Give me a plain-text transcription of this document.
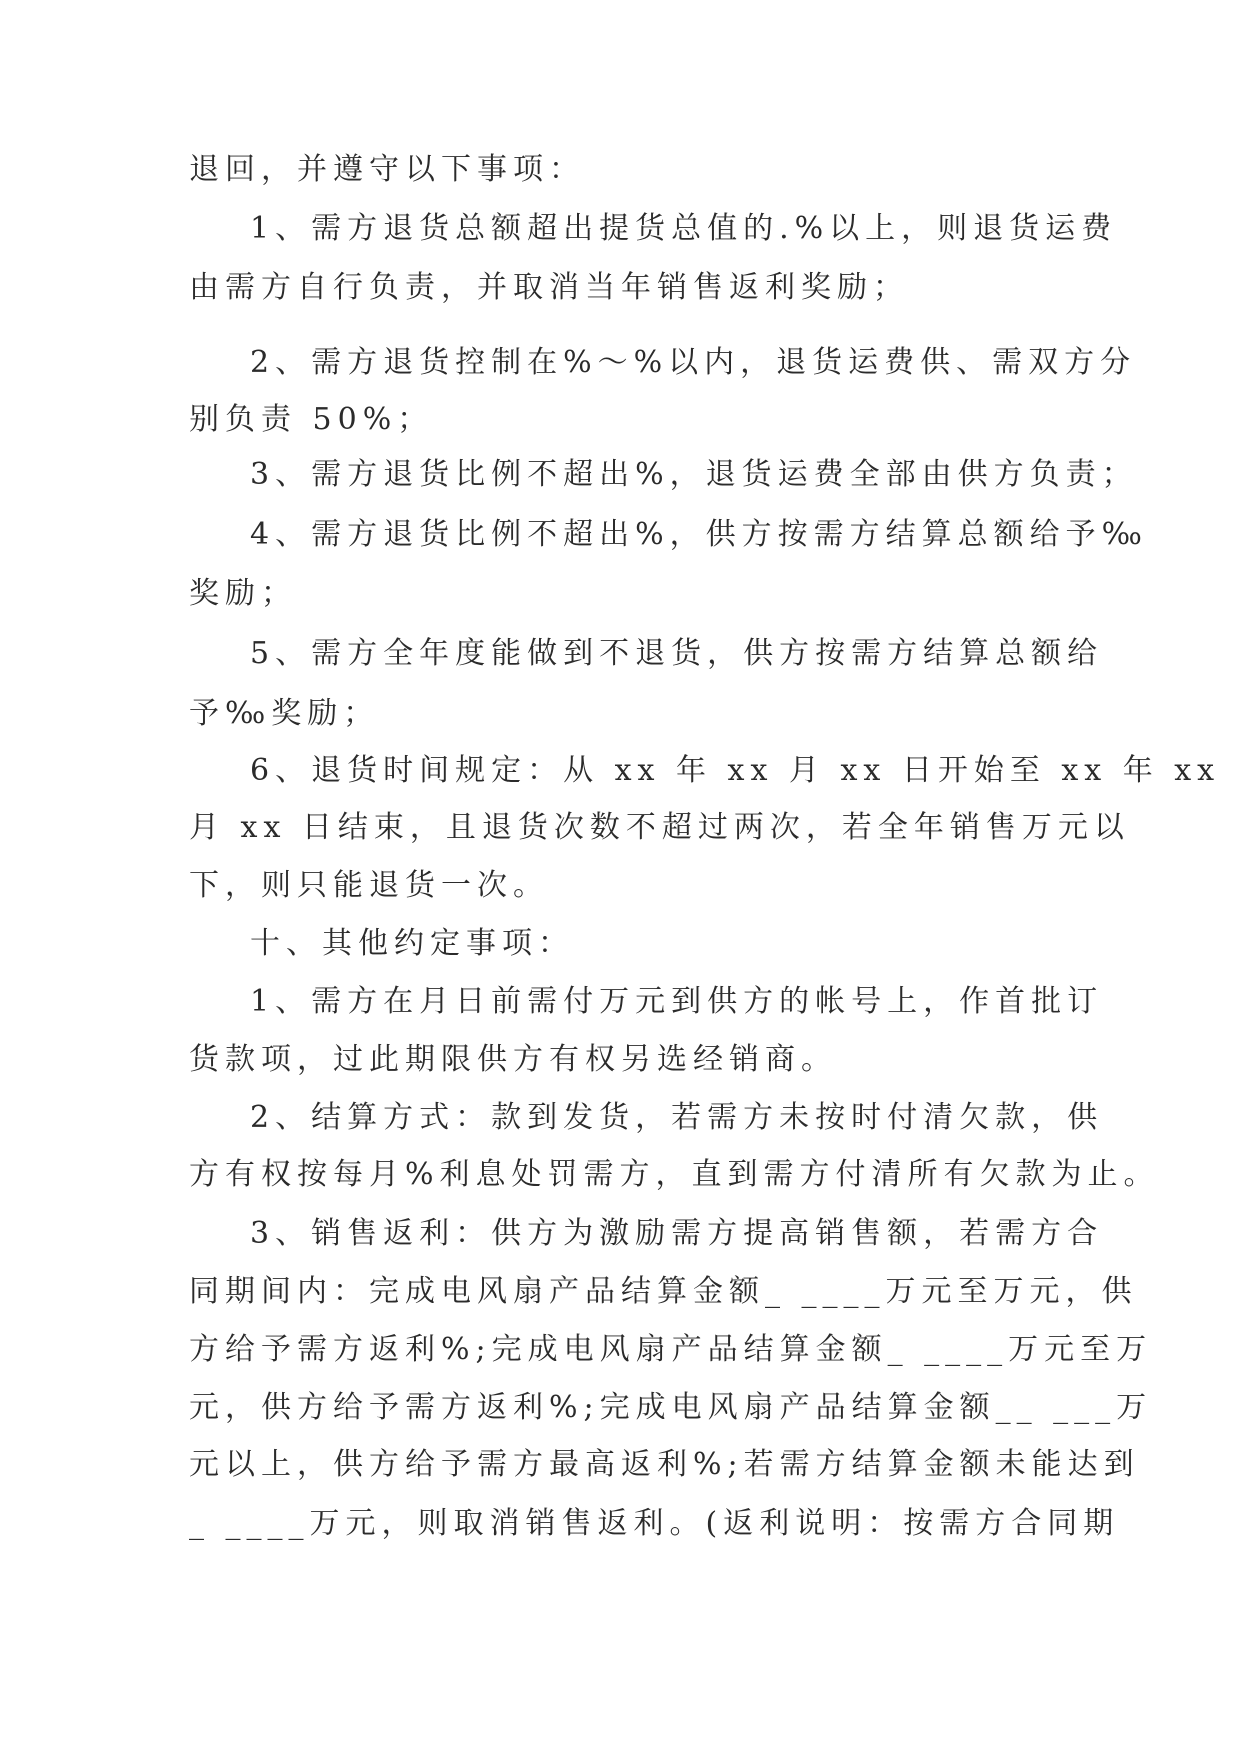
退回，并遵守以下事项：
1、需方退货总额超出提货总值的.%以上，则退货运费
由需方自行负责，并取消当年销售返利奖励；
2、需方退货控制在%～%以内，退货运费供、需双方分
别负责 50%；
3、需方退货比例不超出%，退货运费全部由供方负责；
4、需方退货比例不超出%，供方按需方结算总额给予‰
奖励；
5、需方全年度能做到不退货，供方按需方结算总额给
予‰奖励；
6、退货时间规定：从 xx 年 xx 月 xx 日开始至 xx 年 xx
月 xx 日结束，且退货次数不超过两次，若全年销售万元以
下，则只能退货一次。
十、其他约定事项：
1、需方在月日前需付万元到供方的帐号上，作首批订
货款项，过此期限供方有权另选经销商。
2、结算方式：款到发货，若需方未按时付清欠款，供
方有权按每月%利息处罚需方，直到需方付清所有欠款为止。
3、销售返利：供方为激励需方提高销售额，若需方合
同期间内：完成电风扇产品结算金额_ ____万元至万元，供
方给予需方返利%;完成电风扇产品结算金额_ ____万元至万
元，供方给予需方返利%;完成电风扇产品结算金额__ ___万
元以上，供方给予需方最高返利%;若需方结算金额未能达到
_ ____万元，则取消销售返利。(返利说明：按需方合同期
